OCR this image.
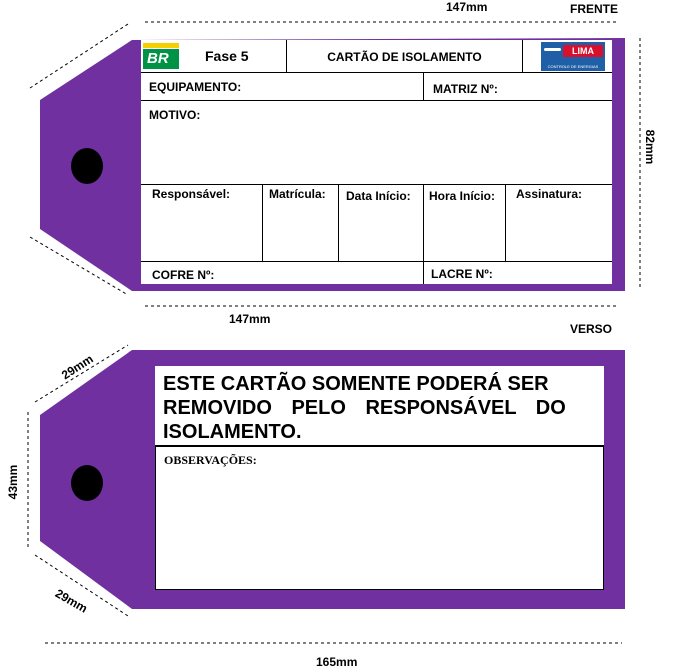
147mm	FRENTE
82mm
147mm
VERSO
29mm
43mm
29mm
165mm
BR	Fase 5	CARTÃO DE ISOLAMENTO	LIMA
CONTROLE DE ENERGIAS
EQUIPAMENTO:	MATRIZ Nº:
MOTIVO:
Responsável:	Matrícula: Data Início: Hora Início: Assinatura:
COFRE Nº:	LACRE Nº:
ESTE CARTÃO SOMENTE PODERÁ SER
REMOVIDO PELO RESPONSÁVEL DO
ISOLAMENTO.
OBSERVAÇÕES:
